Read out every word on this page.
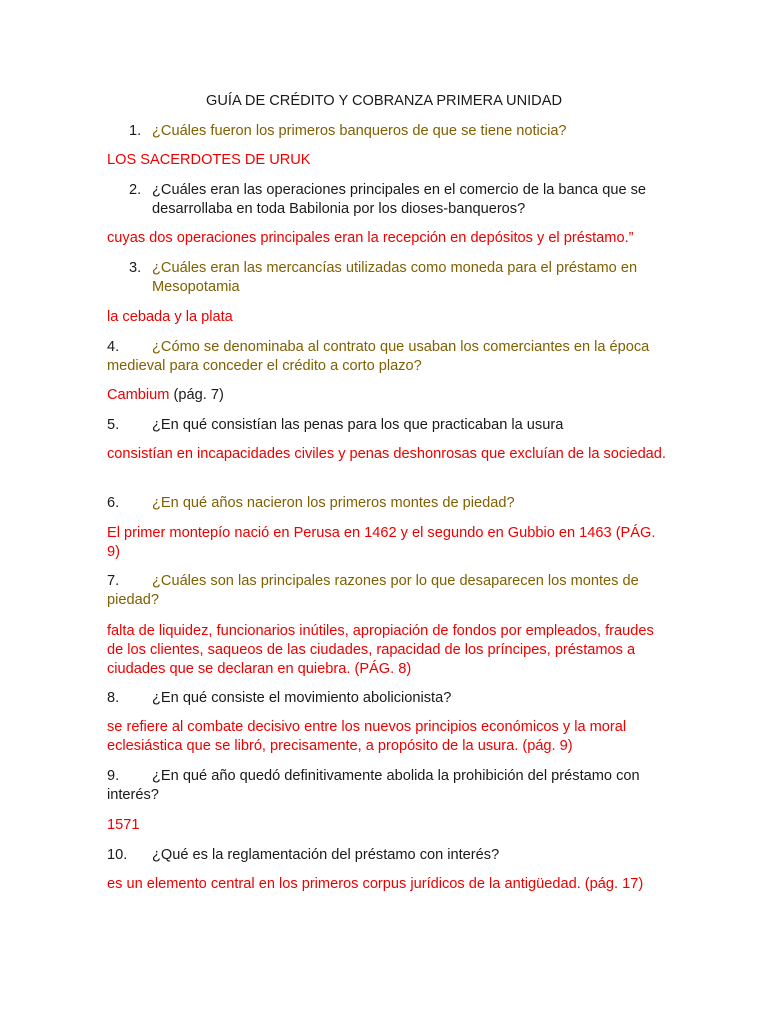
GUÍA DE CRÉDITO Y COBRANZA PRIMERA UNIDAD
1. ¿Cuáles fueron los primeros banqueros de que se tiene noticia?
LOS SACERDOTES DE URUK
2. ¿Cuáles eran las operaciones principales en el comercio de la banca que se desarrollaba en toda Babilonia por los dioses-banqueros?
cuyas dos operaciones principales eran la recepción en depósitos y el préstamo.”
3. ¿Cuáles eran las mercancías utilizadas como moneda para el préstamo en Mesopotamia
la cebada y la plata
4.	¿Cómo se denominaba al contrato que usaban los comerciantes en la época medieval para conceder el crédito a corto plazo?
Cambium (pág. 7)
5.	¿En qué consistían las penas para los que practicaban la usura
consistían en incapacidades civiles y penas deshonrosas que excluían de la sociedad.
6.	¿En qué años nacieron los primeros montes de piedad?
El primer montepío nació en Perusa en 1462 y el segundo en Gubbio en 1463 (PÁG. 9)
7.	¿Cuáles son las principales razones por lo que desaparecen los montes de piedad?
falta de liquidez, funcionarios inútiles, apropiación de fondos por empleados, fraudes de los clientes, saqueos de las ciudades, rapacidad de los príncipes, préstamos a ciudades que se declaran en quiebra. (PÁG. 8)
8.	¿En qué consiste el movimiento abolicionista?
se refiere al combate decisivo entre los nuevos principios económicos y la moral eclesiástica que se libró, precisamente, a propósito de la usura. (pág. 9)
9.	¿En qué año quedó definitivamente abolida la prohibición del préstamo con interés?
1571
10.	¿Qué es la reglamentación del préstamo con interés?
es un elemento central en los primeros corpus jurídicos de la antigüedad. (pág. 17)
